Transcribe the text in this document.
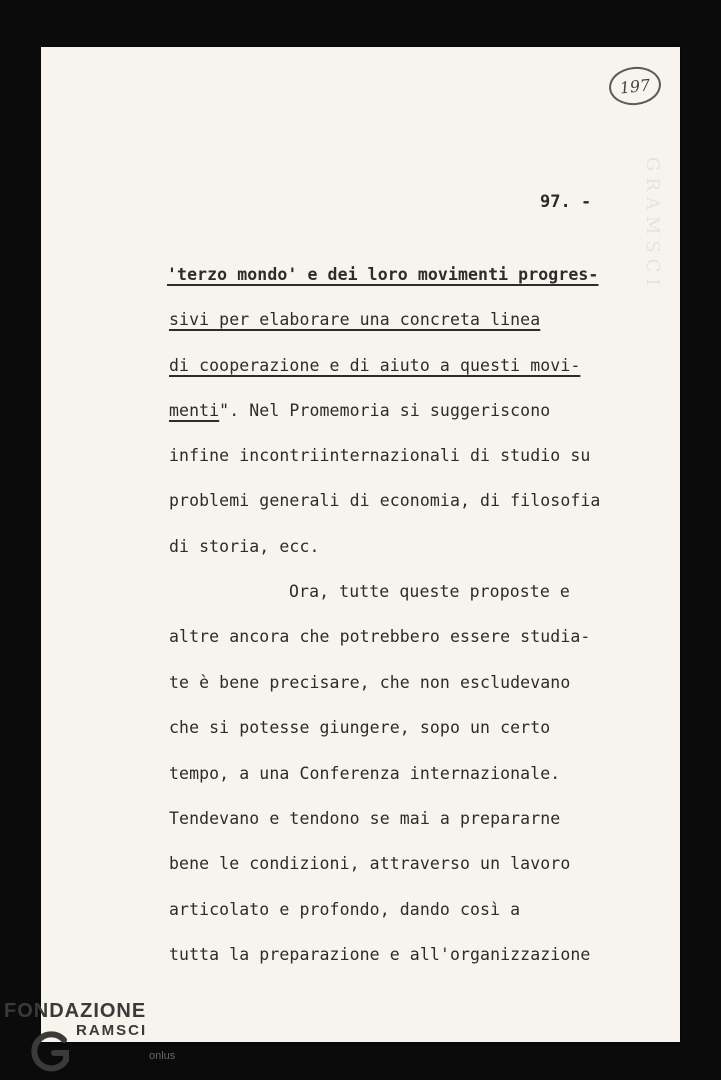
GRAMSCI
197
97. -
'terzo mondo' e dei loro movimenti progres-
sivi per elaborare una concreta linea
di cooperazione e di aiuto a questi movi-
menti". Nel Promemoria si suggeriscono
infine incontriinternazionali di studio su
problemi generali di economia, di filosofia
di storia, ecc.
Ora, tutte queste proposte e
altre ancora che potrebbero essere studia-
te è bene precisare, che non escludevano
che si potesse giungere, sopo un certo
tempo, a una Conferenza internazionale.
Tendevano e tendono se mai a prepararne
bene le condizioni, attraverso un lavoro
articolato e profondo, dando così a
tutta la preparazione e all'organizzazione
FONDAZIONE
RAMSCI
onlus
